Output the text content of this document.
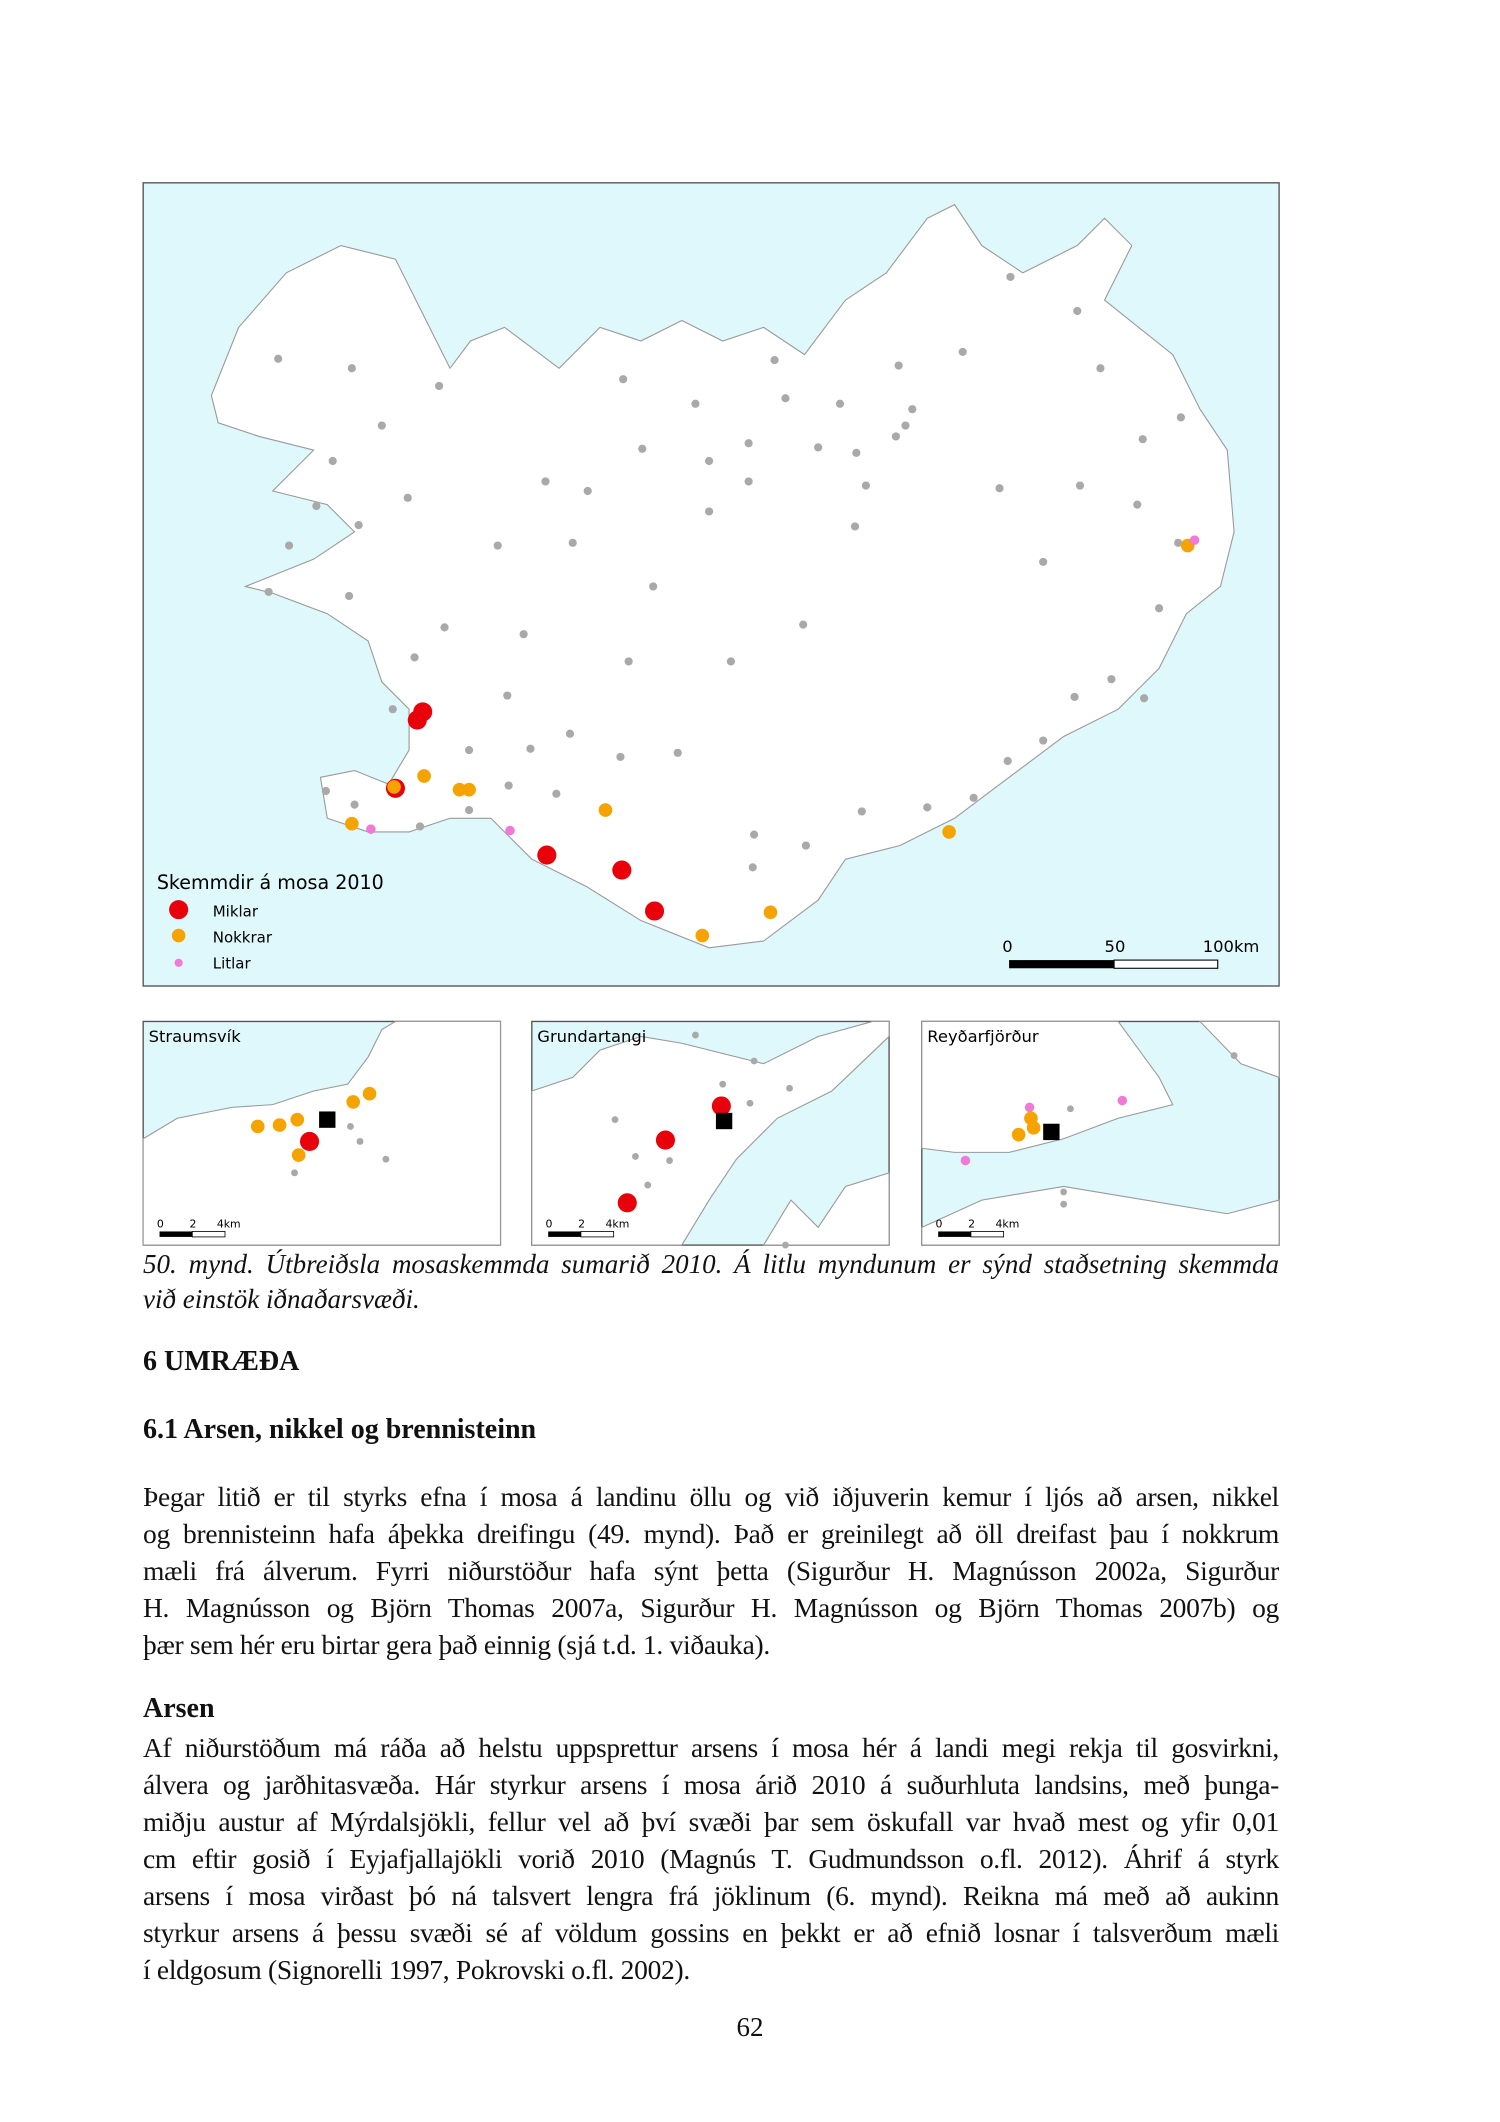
Skemmdir á mosa 2010
Miklar
Nokkrar
Litlar
0	50	100km
Straumsvík	Grundartangi	Reyðarfjörður
0	2	4km	0	2	4km	0	2	4km
50. mynd. Útbreiðsla mosaskemmda sumarið 2010. Á litlu myndunum er sýnd staðsetning skemmda
við einstök iðnaðarsvæði.
6 UMRÆÐA
6.1 Arsen, nikkel og brennisteinn
Þegar litið er til styrks efna í mosa á landinu öllu og við iðjuverin kemur í ljós að arsen, nikkel
og brennisteinn hafa áþekka dreifingu (49. mynd). Það er greinilegt að öll dreifast þau í nokkrum
mæli frá álverum. Fyrri niðurstöður hafa sýnt þetta (Sigurður H. Magnússon 2002a, Sigurður
H. Magnússon og Björn Thomas 2007a, Sigurður H. Magnússon og Björn Thomas 2007b) og
þær sem hér eru birtar gera það einnig (sjá t.d. 1. viðauka).
Arsen
Af niðurstöðum má ráða að helstu uppsprettur arsens í mosa hér á landi megi rekja til gosvirkni,
álvera og jarðhitasvæða. Hár styrkur arsens í mosa árið 2010 á suðurhluta landsins, með þunga-
miðju austur af Mýrdalsjökli, fellur vel að því svæði þar sem öskufall var hvað mest og yfir 0,01
cm eftir gosið í Eyjafjallajökli vorið 2010 (Magnús T. Gudmundsson o.fl. 2012). Áhrif á styrk
arsens í mosa virðast þó ná talsvert lengra frá jöklinum (6. mynd). Reikna má með að aukinn
styrkur arsens á þessu svæði sé af völdum gossins en þekkt er að efnið losnar í talsverðum mæli
í eldgosum (Signorelli 1997, Pokrovski o.fl. 2002).
62
